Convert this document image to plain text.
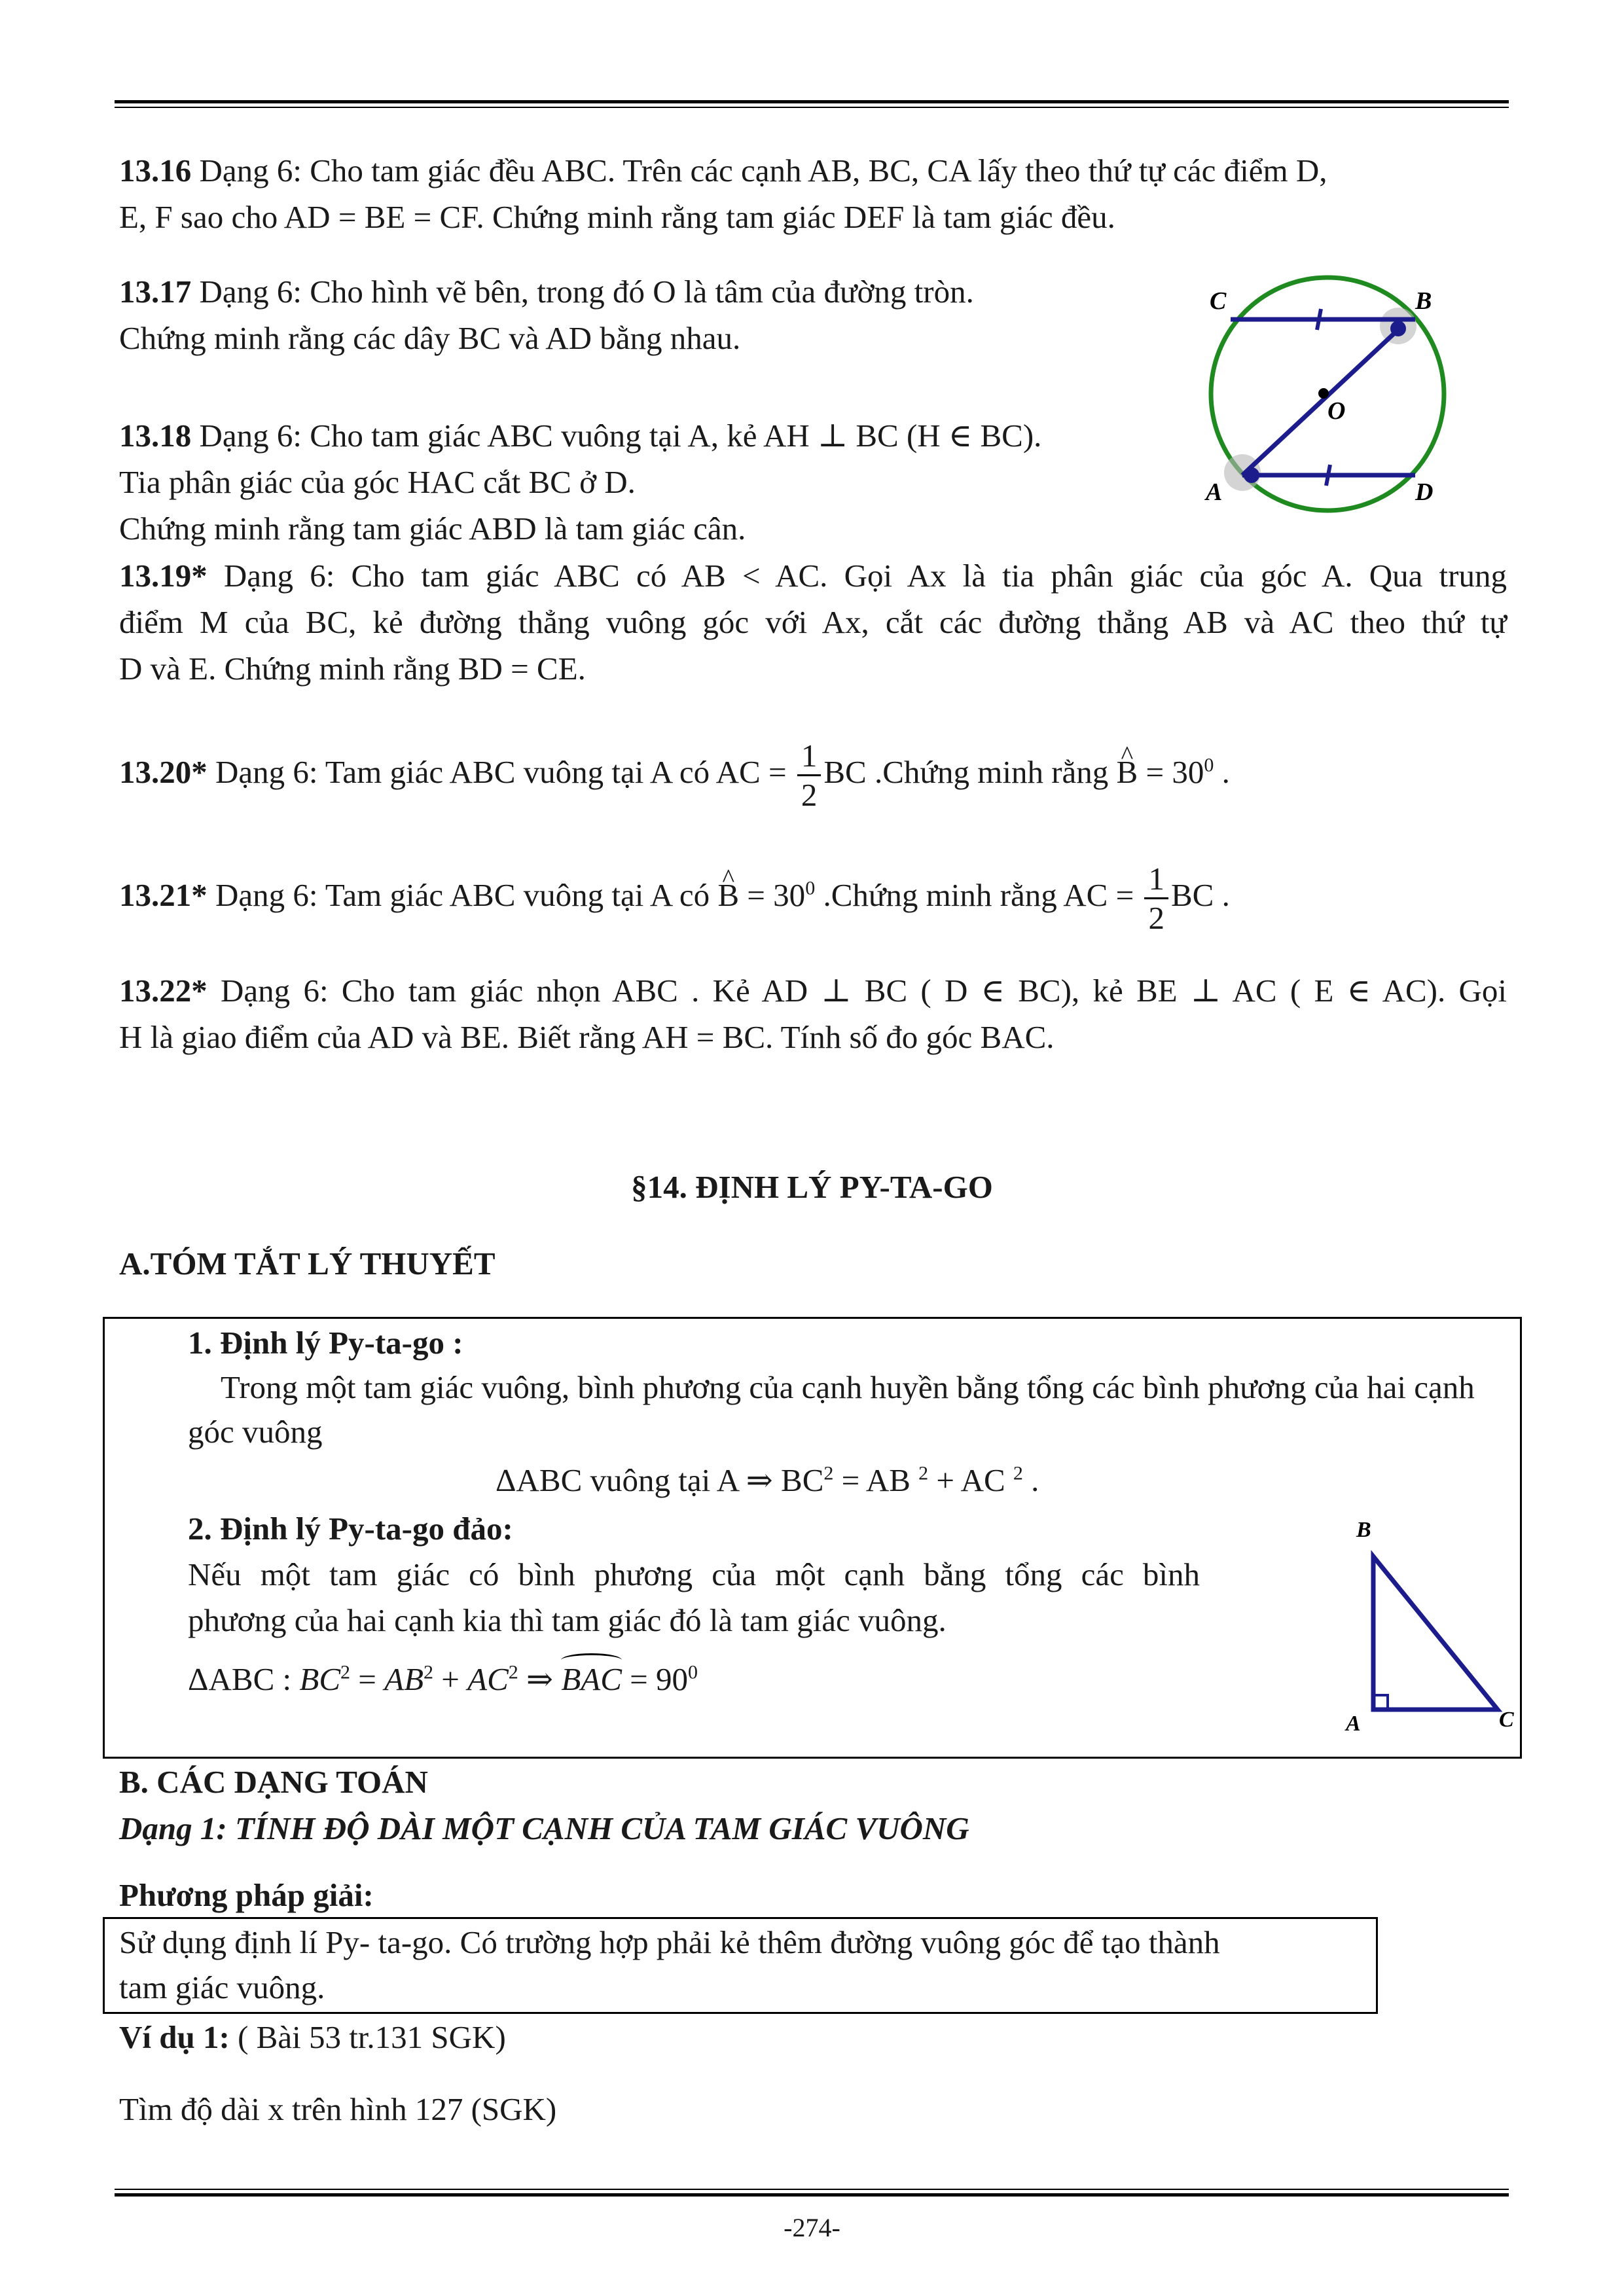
13.16 Dạng 6: Cho tam giác đều ABC. Trên các cạnh AB, BC, CA lấy theo thứ tự các điểm D,
E, F sao cho AD = BE = CF. Chứng minh rằng tam giác DEF là tam giác đều.
13.17 Dạng 6: Cho hình vẽ bên, trong đó O là tâm của đường tròn.
Chứng minh rằng các dây BC và AD bằng nhau.
C	B
O
A	D
13.18 Dạng 6: Cho tam giác ABC vuông tại A, kẻ AH ⊥ BC (H ∈ BC).
Tia phân giác của góc HAC cắt BC ở D.
Chứng minh rằng tam giác ABD là tam giác cân.
13.19* Dạng 6: Cho tam giác ABC có AB < AC. Gọi Ax là tia phân giác của góc A. Qua trung
điểm M của BC, kẻ đường thẳng vuông góc với Ax, cắt các đường thẳng AB và AC theo thứ tự
D và E. Chứng minh rằng BD = CE.
13.20* Dạng 6: Tam giác ABC vuông tại A có AC = $\frac{1}{2}$ BC .Chứng minh rằng ^ $B = 30^0$ .
13.21* Dạng 6: Tam giác ABC vuông tại A có ^ $B = 30^0$ .Chứng minh rằng AC = $\frac{1}{2}$ BC .
13.22* Dạng 6: Cho tam giác nhọn ABC . Kẻ AD ⊥ BC ( D ∈ BC), kẻ BE ⊥ AC ( E ∈ AC). Gọi
H là giao điểm của AD và BE. Biết rằng AH = BC. Tính số đo góc BAC.
§14. ĐỊNH LÝ PY-TA-GO
A.TÓM TẮT LÝ THUYẾT
1. Định lý Py-ta-go :
Trong một tam giác vuông, bình phương của cạnh huyền bằng tổng các bình phương của hai cạnh
góc vuông
ΔABC vuông tại A ⇒ $BC^2$ = AB $^2$ + AC $^2$ .
2. Định lý Py-ta-go đảo:
Nếu một tam giác có bình phương của một cạnh bằng tổng các bình
phương của hai cạnh kia thì tam giác đó là tam giác vuông.
ΔABC : $BC^2 = AB^2 + AC^2$ ⇒ BAC = $90^0$
B
A	C
B. CÁC DẠNG TOÁN
Dạng 1: TÍNH ĐỘ DÀI MỘT CẠNH CỦA TAM GIÁC VUÔNG
Phương pháp giải:
Sử dụng định lí Py- ta-go. Có trường hợp phải kẻ thêm đường vuông góc để tạo thành
tam giác vuông.
Ví dụ 1: ( Bài 53 tr.131 SGK)
Tìm độ dài x trên hình 127 (SGK)
-274-
